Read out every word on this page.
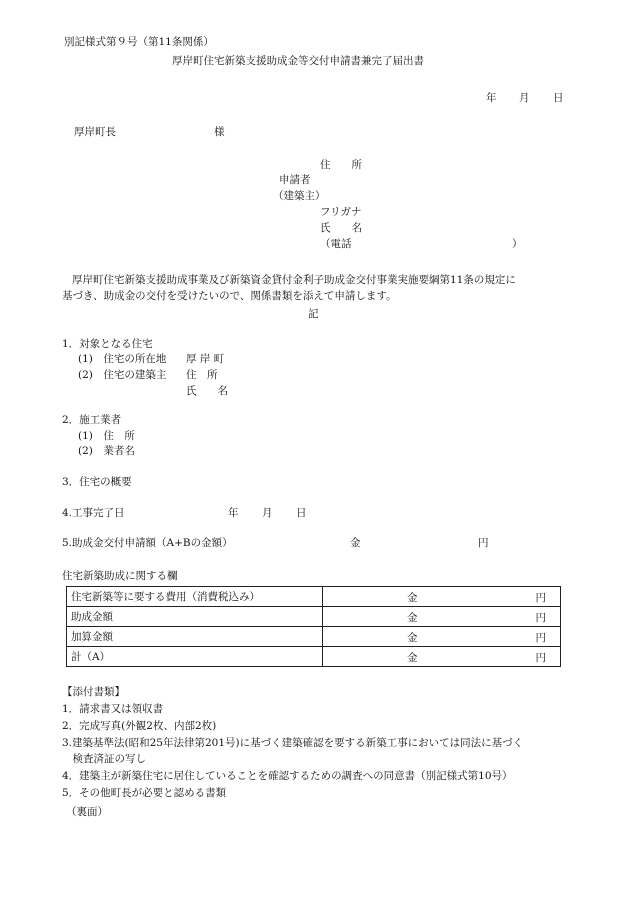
別記様式第９号（第11条関係）
厚岸町住宅新築支援助成金等交付申請書兼完了届出書
年 月 日
厚岸町長	様
住　　所
申請者
（建築主）
フリガナ
氏　　名
（電話	）
厚岸町住宅新築支援助成事業及び新築資金貸付金利子助成金交付事業実施要綱第11条の規定に
基づき、助成金の交付を受けたいので、関係書類を添えて申請します。
記
1．対象となる住宅
(1)　住宅の所在地 厚 岸 町
(2)　住宅の建築主 住　所
氏　　名
2．施工業者
(1)　住　所
(2)　業者名
3．住宅の概要
4.工事完了日	年 月 日
5.助成金交付申請額（A+Bの金額）	金	円
住宅新築助成に関する欄
住宅新築等に要する費用（消費税込み）	金 円

助成金額	金 円

加算金額	金 円

計（A）	金 円
【添付書類】
1．請求書又は領収書
2．完成写真(外観2枚、内部2枚)
3.建築基準法(昭和25年法律第201号)に基づく建築確認を要する新築工事においては同法に基づく
　検査済証の写し
4．建築主が新築住宅に居住していることを確認するための調査への同意書（別記様式第10号）
5．その他町長が必要と認める書類
（裏面）
